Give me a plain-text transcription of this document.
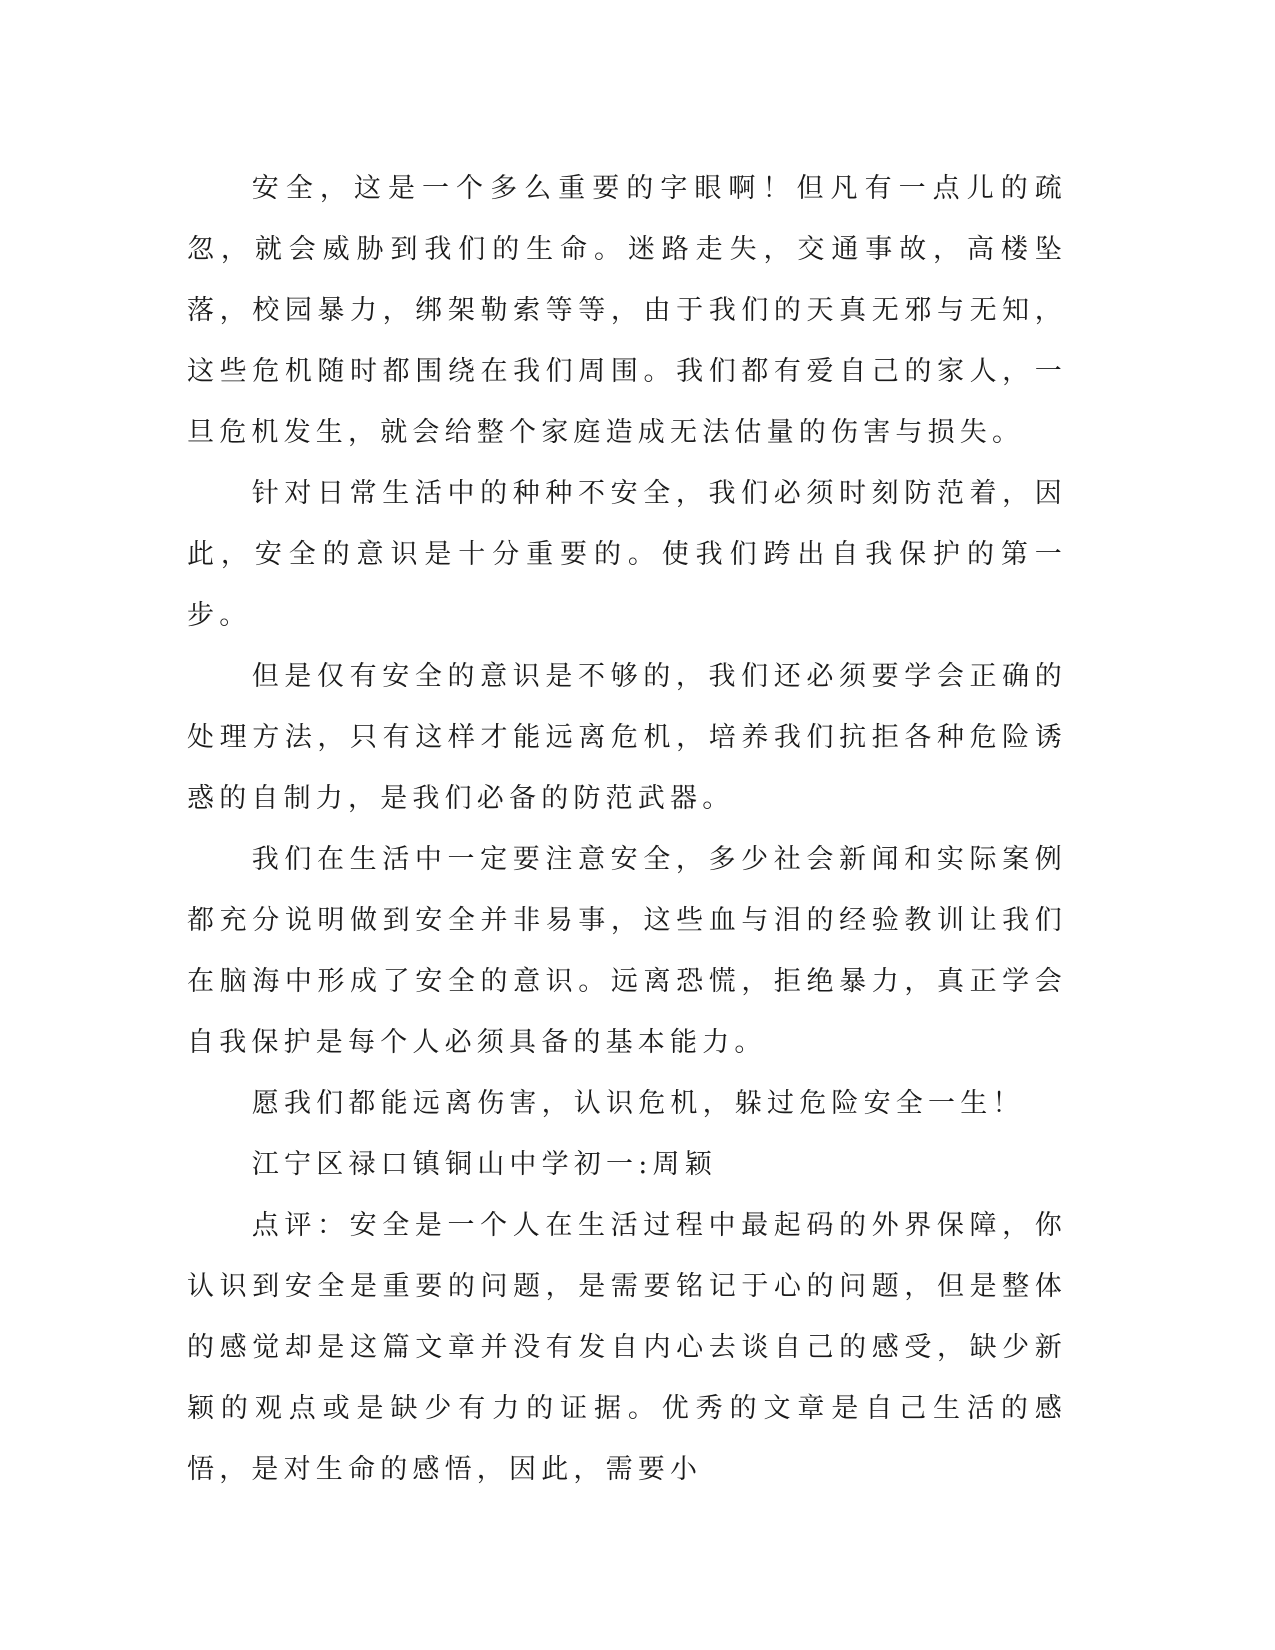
安全，这是一个多么重要的字眼啊！但凡有一点儿的疏忽，就会威胁到我们的生命。迷路走失，交通事故，高楼坠落，校园暴力，绑架勒索等等，由于我们的天真无邪与无知，这些危机随时都围绕在我们周围。我们都有爱自己的家人，一旦危机发生，就会给整个家庭造成无法估量的伤害与损失。

针对日常生活中的种种不安全，我们必须时刻防范着，因此，安全的意识是十分重要的。使我们跨出自我保护的第一步。

但是仅有安全的意识是不够的，我们还必须要学会正确的处理方法，只有这样才能远离危机，培养我们抗拒各种危险诱惑的自制力，是我们必备的防范武器。

我们在生活中一定要注意安全，多少社会新闻和实际案例都充分说明做到安全并非易事，这些血与泪的经验教训让我们在脑海中形成了安全的意识。远离恐慌，拒绝暴力，真正学会自我保护是每个人必须具备的基本能力。

愿我们都能远离伤害，认识危机，躲过危险安全一生！

江宁区禄口镇铜山中学初一:周颖

点评：安全是一个人在生活过程中最起码的外界保障，你认识到安全是重要的问题，是需要铭记于心的问题，但是整体的感觉却是这篇文章并没有发自内心去谈自己的感受，缺少新颖的观点或是缺少有力的证据。优秀的文章是自己生活的感悟，是对生命的感悟，因此，需要小
